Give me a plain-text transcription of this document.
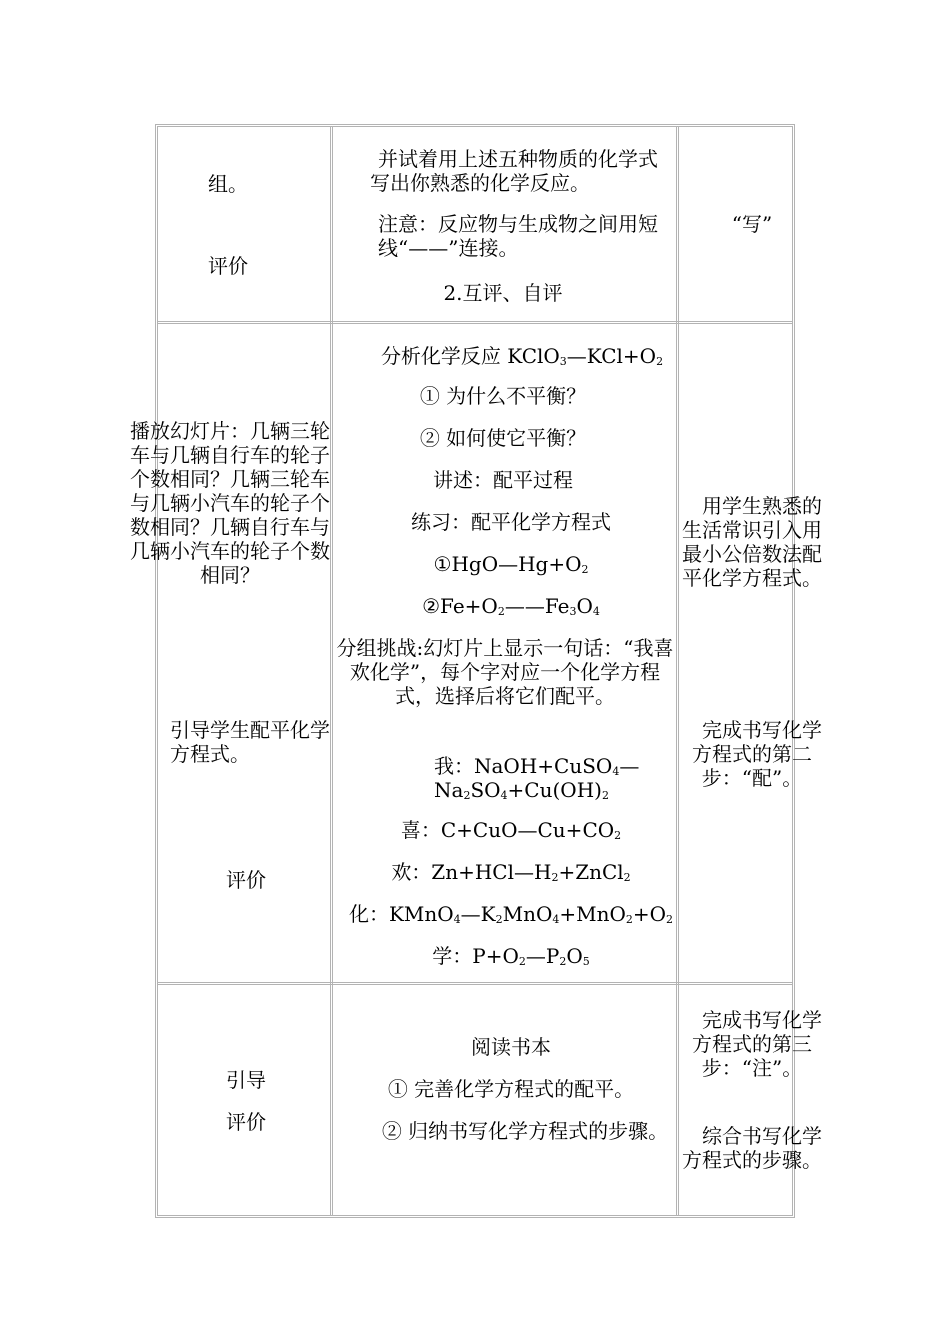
组。
评价
并试着用上述五种物质的化学式写出你熟悉的化学反应。
注意：反应物与生成物之间用短线“——”连接。
2.互评、自评
“写”
播放幻灯片：几辆三轮车与几辆自行车的轮子个数相同？几辆三轮车与几辆小汽车的轮子个数相同？几辆自行车与几辆小汽车的轮子个数相同？
引导学生配平化学方程式。
评价
分析化学反应 $KClO_3—KCl+O_2$
① 为什么不平衡？
② 如何使它平衡？
讲述：配平过程
练习：配平化学方程式
$①HgO—Hg+O_2$
$②Fe+O_2——Fe_3O_4$
分组挑战:幻灯片上显示一句话：“我喜欢化学”，每个字对应一个化学方程式，选择后将它们配平。
我：NaOH+CuSO$_4$—
$Na_2SO_4+Cu(OH)_2$
喜：$C+CuO—Cu+CO_2$
欢：$Zn+HCl—H_2+ZnCl_2$
化：$KMnO_4—K_2MnO_4+MnO_2+O_2$
学：$P+O_2—P_2O_5$
用学生熟悉的生活常识引入用最小公倍数法配平化学方程式。
完成书写化学方程式的第二步：“配”。
引导
评价
阅读书本
① 完善化学方程式的配平。
② 归纳书写化学方程式的步骤。
完成书写化学方程式的第三步：“注”。
综合书写化学方程式的步骤。
